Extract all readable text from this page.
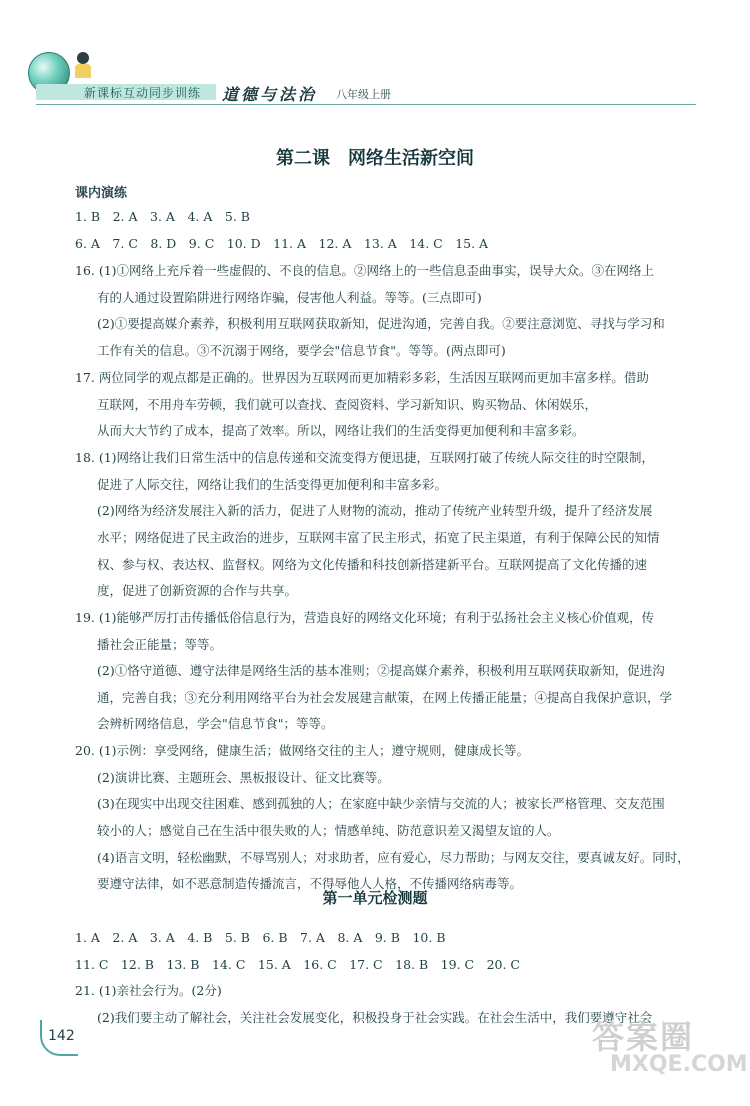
新课标互动同步训练 道德与法治 八年级上册
第二课　网络生活新空间
课内演练
1. B　2. A　3. A　4. A　5. B
6. A　7. C　8. D　9. C　10. D　11. A　12. A　13. A　14. C　15. A
16. (1)①网络上充斥着一些虚假的、不良的信息。②网络上的一些信息歪曲事实，误导大众。③在网络上
有的人通过设置陷阱进行网络诈骗，侵害他人利益。等等。(三点即可)
(2)①要提高媒介素养，积极利用互联网获取新知，促进沟通，完善自我。②要注意浏览、寻找与学习和
工作有关的信息。③不沉溺于网络，要学会"信息节食"。等等。(两点即可)
17. 两位同学的观点都是正确的。世界因为互联网而更加精彩多彩，生活因互联网而更加丰富多样。借助
互联网，不用舟车劳顿，我们就可以查找、查阅资料、学习新知识、购买物品、休闲娱乐，
从而大大节约了成本，提高了效率。所以，网络让我们的生活变得更加便利和丰富多彩。
18. (1)网络让我们日常生活中的信息传递和交流变得方便迅捷，互联网打破了传统人际交往的时空限制，
促进了人际交往，网络让我们的生活变得更加便利和丰富多彩。
(2)网络为经济发展注入新的活力，促进了人财物的流动，推动了传统产业转型升级，提升了经济发展
水平；网络促进了民主政治的进步，互联网丰富了民主形式，拓宽了民主渠道，有利于保障公民的知情
权、参与权、表达权、监督权。网络为文化传播和科技创新搭建新平台。互联网提高了文化传播的速
度，促进了创新资源的合作与共享。
19. (1)能够严厉打击传播低俗信息行为，营造良好的网络文化环境；有利于弘扬社会主义核心价值观，传
播社会正能量；等等。
(2)①恪守道德、遵守法律是网络生活的基本准则；②提高媒介素养，积极利用互联网获取新知，促进沟
通，完善自我；③充分利用网络平台为社会发展建言献策，在网上传播正能量；④提高自我保护意识，学
会辨析网络信息，学会"信息节食"；等等。
20. (1)示例：享受网络，健康生活；做网络交往的主人；遵守规则，健康成长等。
(2)演讲比赛、主题班会、黑板报设计、征文比赛等。
(3)在现实中出现交往困难、感到孤独的人；在家庭中缺少亲情与交流的人；被家长严格管理、交友范围
较小的人；感觉自己在生活中很失败的人；情感单纯、防范意识差又渴望友谊的人。
(4)语言文明，轻松幽默，不辱骂别人；对求助者，应有爱心，尽力帮助；与网友交往，要真诚友好。同时，
要遵守法律，如不恶意制造传播流言，不得辱他人人格，不传播网络病毒等。
第一单元检测题
1. A　2. A　3. A　4. B　5. B　6. B　7. A　8. A　9. B　10. B
11. C　12. B　13. B　14. C　15. A　16. C　17. C　18. B　19. C　20. C
21. (1)亲社会行为。(2分)
(2)我们要主动了解社会，关注社会发展变化，积极投身于社会实践。在社会生活中，我们要遵守社会
142	答案圈
MXQE.COM
